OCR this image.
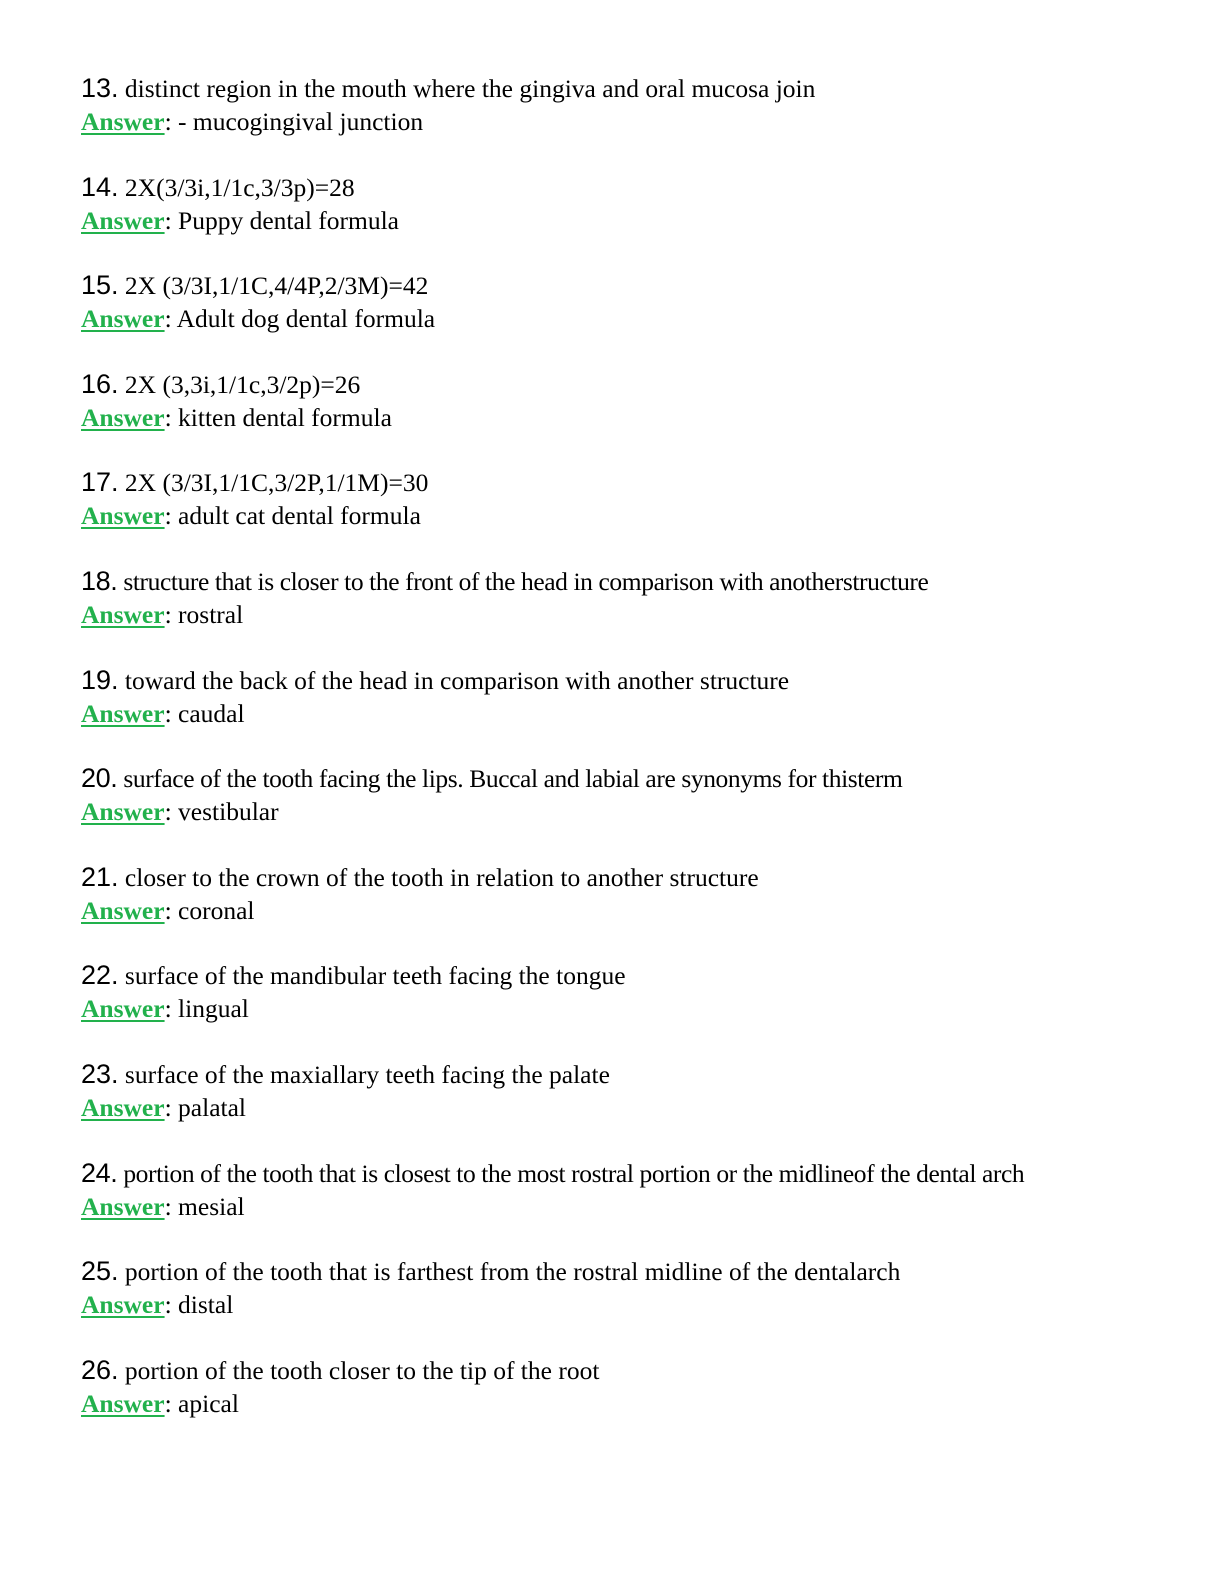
13. distinct region in the mouth where the gingiva and oral mucosa join
Answer: - mucogingival junction
14. 2X(3/3i,1/1c,3/3p)=28
Answer: Puppy dental formula
15. 2X (3/3I,1/1C,4/4P,2/3M)=42
Answer: Adult dog dental formula
16. 2X (3,3i,1/1c,3/2p)=26
Answer: kitten dental formula
17. 2X (3/3I,1/1C,3/2P,1/1M)=30
Answer: adult cat dental formula
18. structure that is closer to the front of the head in comparison with anotherstructure
Answer: rostral
19. toward the back of the head in comparison with another structure
Answer: caudal
20. surface of the tooth facing the lips. Buccal and labial are synonyms for thisterm
Answer: vestibular
21. closer to the crown of the tooth in relation to another structure
Answer: coronal
22. surface of the mandibular teeth facing the tongue
Answer: lingual
23. surface of the maxiallary teeth facing the palate
Answer: palatal
24. portion of the tooth that is closest to the most rostral portion or the midlineof the dental arch
Answer: mesial
25. portion of the tooth that is farthest from the rostral midline of the dentalarch
Answer: distal
26. portion of the tooth closer to the tip of the root
Answer: apical
